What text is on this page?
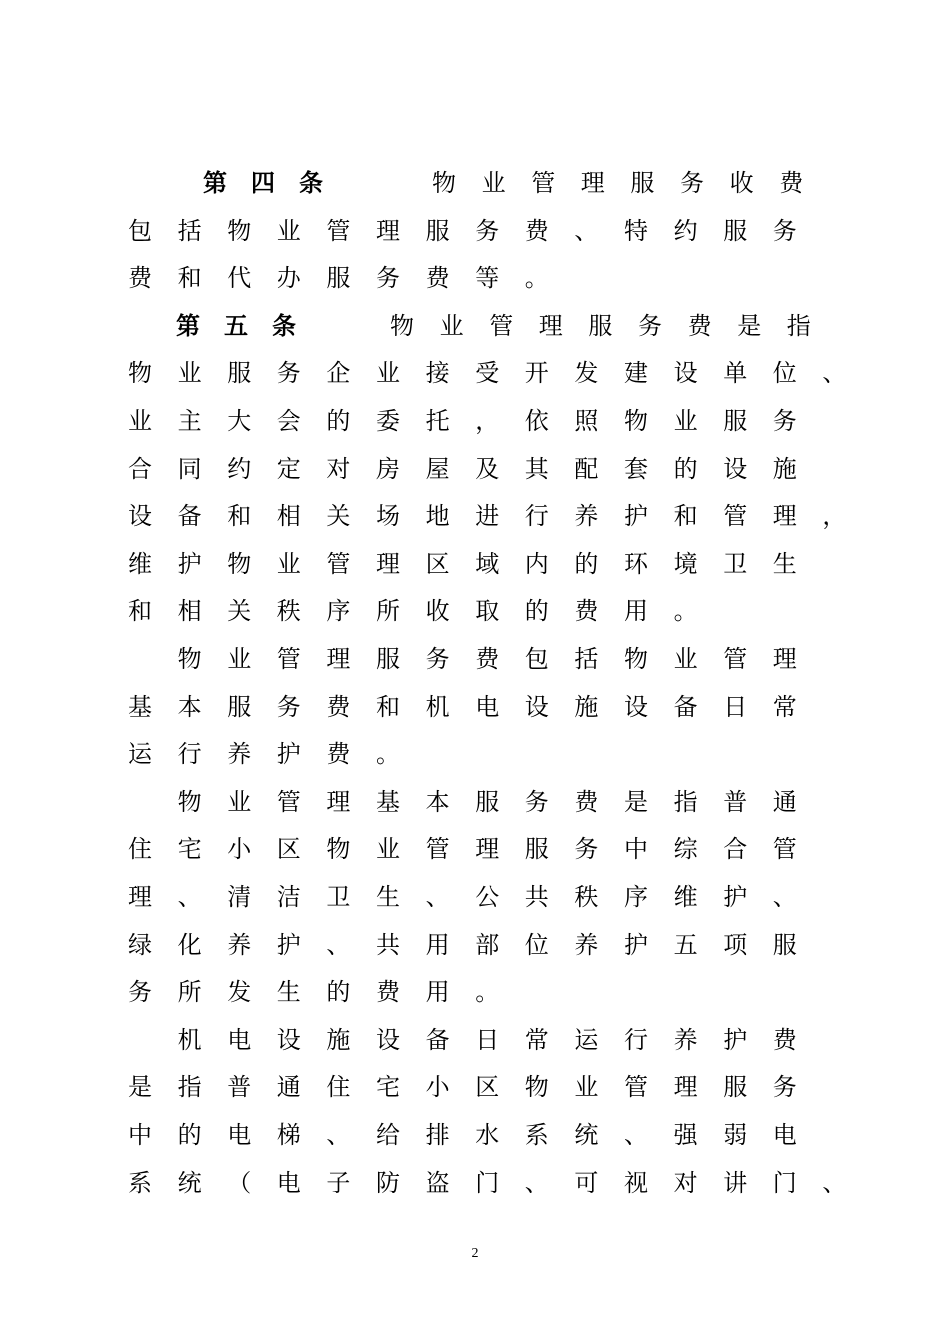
第 四 条	物 业 管 理 服 务 收 费
包 括 物 业 管 理 服 务 费 、 特 约 服 务
费 和 代 办 服 务 费 等 。
第 五 条	物 业 管 理 服 务 费 是 指
物 业 服 务 企 业 接 受 开 发 建 设 单 位 、
业 主 大 会 的 委 托 ， 依 照 物 业 服 务
合 同 约 定 对 房 屋 及 其 配 套 的 设 施
设 备 和 相 关 场 地 进 行 养 护 和 管 理 ，
维 护 物 业 管 理 区 域 内 的 环 境 卫 生
和 相 关 秩 序 所 收 取 的 费 用 。
物 业 管 理 服 务 费 包 括 物 业 管 理
基 本 服 务 费 和 机 电 设 施 设 备 日 常
运 行 养 护 费 。
物 业 管 理 基 本 服 务 费 是 指 普 通
住 宅 小 区 物 业 管 理 服 务 中 综 合 管
理 、 清 洁 卫 生 、 公 共 秩 序 维 护 、
绿 化 养 护 、 共 用 部 位 养 护 五 项 服
务 所 发 生 的 费 用 。
机 电 设 施 设 备 日 常 运 行 养 护 费
是 指 普 通 住 宅 小 区 物 业 管 理 服 务
中 的 电 梯 、 给 排 水 系 统 、 强 弱 电
系 统 （ 电 子 防 盗 门 、 可 视 对 讲 门 、
2
